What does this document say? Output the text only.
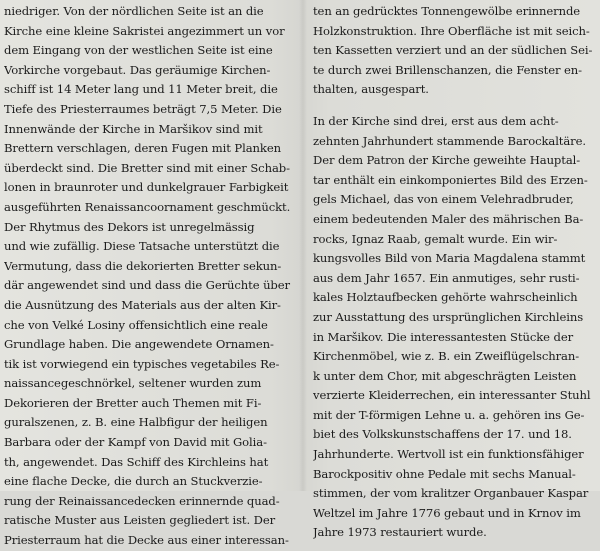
niedriger. Von der nördlichen Seite ist an die
Kirche eine kleine Sakristei angezimmert un vor
dem Eingang von der westlichen Seite ist eine
Vorkirche vorgebaut. Das geräumige Kirchen-
schiff ist 14 Meter lang und 11 Meter breit, die
Tiefe des Priesterraumes beträgt 7,5 Meter. Die
Innenwände der Kirche in Maršikov sind mit
Brettern verschlagen, deren Fugen mit Planken
überdeckt sind. Die Bretter sind mit einer Schab-
lonen in braunroter und dunkelgrauer Farbigkeit
ausgeführten Renaissancoornament geschmückt.
Der Rhytmus des Dekors ist unregelmässig
und wie zufällig. Diese Tatsache unterstützt die
Vermutung, dass die dekorierten Bretter sekun-
där angewendet sind und dass die Gerüchte über
die Ausnützung des Materials aus der alten Kir-
che von Velké Losiny offensichtlich eine reale
Grundlage haben. Die angewendete Ornamen-
tik ist vorwiegend ein typisches vegetabiles Re-
naissancegeschnörkel, seltener wurden zum
Dekorieren der Bretter auch Themen mit Fi-
guralszenen, z. B. eine Halbfigur der heiligen
Barbara oder der Kampf von David mit Golia-
th, angewendet. Das Schiff des Kirchleins hat
eine flache Decke, die durch an Stuckverzie-
rung der Reinaissancedecken erinnernde quad-
ratische Muster aus Leisten gegliedert ist. Der
Priesterraum hat die Decke aus einer interessan-
ten an gedrücktes Tonnengewölbe erinnernde
Holzkonstruktion. Ihre Oberfläche ist mit seich-
ten Kassetten verziert und an der südlichen Sei-
te durch zwei Brillenschanzen, die Fenster en-
thalten, ausgespart.
In der Kirche sind drei, erst aus dem acht-
zehnten Jahrhundert stammende Barockaltäre.
Der dem Patron der Kirche geweihte Hauptal-
tar enthält ein einkomponiertes Bild des Erzen-
gels Michael, das von einem Velehradbruder,
einem bedeutenden Maler des mährischen Ba-
rocks, Ignaz Raab, gemalt wurde. Ein wir-
kungsvolles Bild von Maria Magdalena stammt
aus dem Jahr 1657. Ein anmutiges, sehr rusti-
kales Holztaufbecken gehörte wahrscheinlich
zur Ausstattung des ursprünglichen Kirchleins
in Maršikov. Die interessantesten Stücke der
Kirchenmöbel, wie z. B. ein Zweiflügelschran-
k unter dem Chor, mit abgeschrägten Leisten
verzierte Kleiderrechen, ein interessanter Stuhl
mit der T-förmigen Lehne u. a. gehören ins Ge-
biet des Volkskunstschaffens der 17. und 18.
Jahrhunderte. Wertvoll ist ein funktionsfähiger
Barockpositiv ohne Pedale mit sechs Manual-
stimmen, der vom kralitzer Organbauer Kaspar
Weltzel im Jahre 1776 gebaut und in Krnov im
Jahre 1973 restauriert wurde.
